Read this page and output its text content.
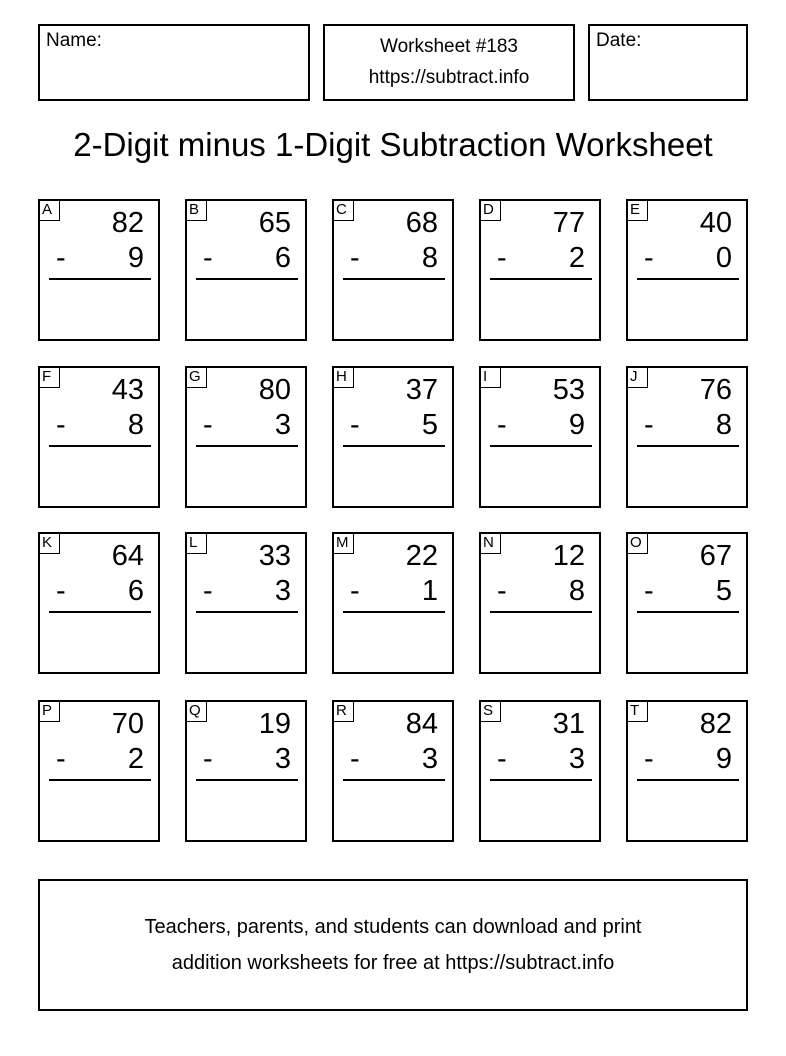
Name:	Worksheet #183
https://subtract.info
Date:
2-Digit minus 1-Digit Subtraction Worksheet
A 82
- 9
B 65
- 6
C 68
- 8
D 77
- 2
E 40
- 0
F	43
- 8
G 80
- 3
H 37
- 5
I	53
- 9
J	76
- 8
K 64
- 6
L	33
- 3
M 22
- 1
N 12
- 8
O 67
- 5
P 70
- 2
Q 19
- 3
R 84
- 3
S 31
- 3
T	82
- 9
Teachers, parents, and students can download and print
addition worksheets for free at https://subtract.info
